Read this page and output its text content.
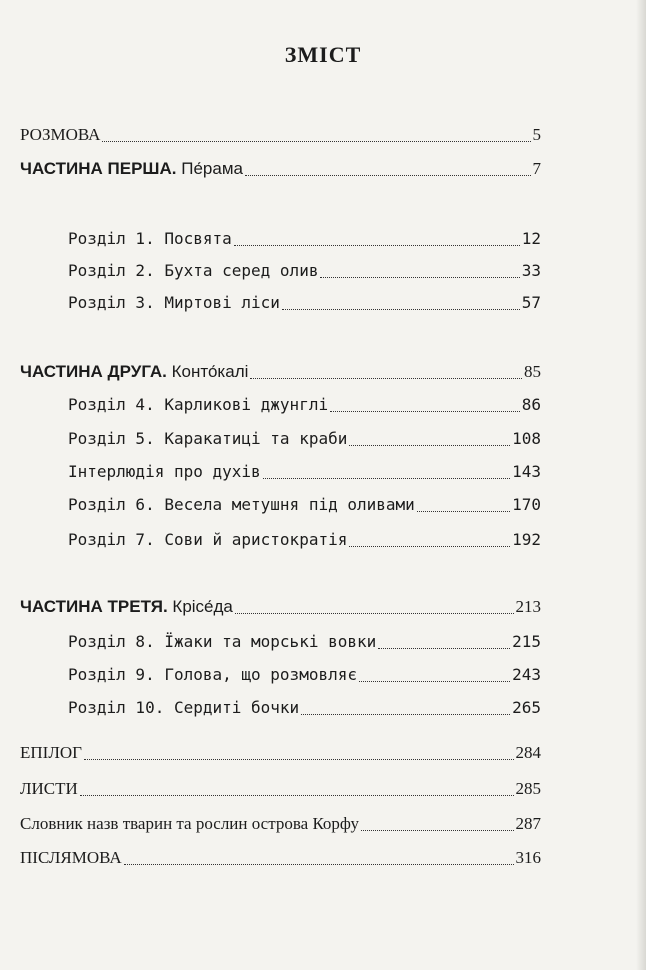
ЗМІСТ
РОЗМОВА	5
ЧАСТИНА ПЕРША. Пе́рама	7
Розділ 1. Посвята	12
Розділ 2. Бухта серед олив	33
Розділ 3. Миртові ліси	57
ЧАСТИНА ДРУГА. Конто́калі	85
Розділ 4. Карликові джунглі	86
Розділ 5. Каракатиці та краби	108
Інтерлюдія про духів	143
Розділ 6. Весела метушня під оливами	170
Розділ 7. Сови й аристократія	192
ЧАСТИНА ТРЕТЯ. Крісе́да	213
Розділ 8. Їжаки та морські вовки	215
Розділ 9. Голова, що розмовляє	243
Розділ 10. Сердиті бочки	265
ЕПІЛОГ	284
ЛИСТИ	285
Словник назв тварин та рослин острова Корфу	287
ПІСЛЯМОВА	316
